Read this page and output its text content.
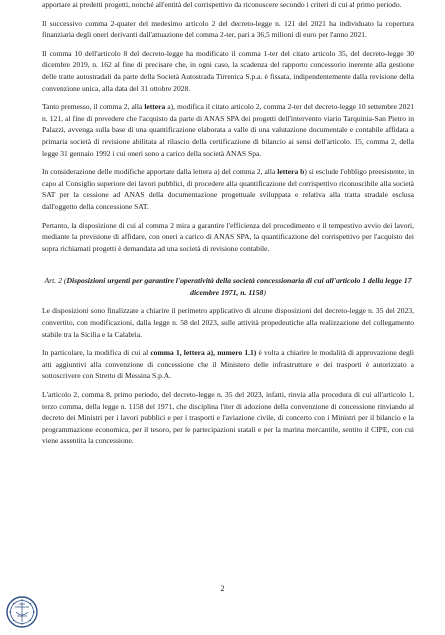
apportare ai predetti progetti, nonché all'entità del corrispettivo da riconoscere secondo i criteri di cui al primo periodo.

Il successivo comma 2-quater del medesimo articolo 2 del decreto-legge n. 121 del 2021 ha individuato la copertura finanziaria degli oneri derivanti dall'attuazione del comma 2-ter, pari a 36,5 milioni di euro per l'anno 2021.

Il comma 10 dell'articolo 8 del decreto-legge ha modificato il comma 1-ter del citato articolo 35, del decreto-legge 30 dicembre 2019, n. 162 al fine di precisare che, in ogni caso, la scadenza del rapporto concessorio inerente alla gestione delle tratte autostradali da parte della Società Autostrada Tirrenica S.p.a. è fissata, indipendentemente dalla revisione della convenzione unica, alla data del 31 ottobre 2028.

Tanto premesso, il comma 2, alla lettera a), modifica il citato articolo 2, comma 2-ter del decreto-legge 10 settembre 2021 n. 121, al fine di prevedere che l'acquisto da parte di ANAS SPA dei progetti dell'intervento viario Tarquinia-San Pietro in Palazzi, avvenga sulla base di una quantificazione elaborata a valle di una valutazione documentale e contabile affidata a primaria società di revisione abilitata al rilascio della certificazione di bilancio ai sensi dell'articolo. 15, comma 2, della legge 31 gennaio 1992 i cui oneri sono a carico della società ANAS Spa.

In considerazione delle modifiche apportate dalla lettera a) del comma 2, alla lettera b) si esclude l'obbligo preesistente, in capo al Consiglio superiore dei lavori pubblici, di procedere alla quantificazione del corrispettivo riconoscibile alla società SAT per la cessione ad ANAS della documentazione progettuale sviluppata e relativa alla tratta stradale esclusa dall'oggetto della concessione SAT.

Pertanto, la disposizione di cui al comma 2 mira a garantire l'efficienza del procedimento e il tempestivo avvio dei lavori, mediante la previsione di affidare, con oneri a carico di ANAS SPA, la quantificazione del corrispettivo per l'acquisto dei sopra richiamati progetti è demandata ad una società di revisione contabile.

Art. 2 (Disposizioni urgenti per garantire l'operatività della società concessionaria di cui all'articolo 1 della legge 17 dicembre 1971, n. 1158)

Le disposizioni sono finalizzate a chiarire il perimetro applicativo di alcune disposizioni del decreto-legge n. 35 del 2023, convertito, con modificazioni, dalla legge n. 58 del 2023, sulle attività propedeutiche alla realizzazione del collegamento stabile tra la Sicilia e la Calabria.

In particolare, la modifica di cui al comma 1, lettera a), numero 1.1) è volta a chiarire le modalità di approvazione degli atti aggiuntivi alla convenzione di concessione che il Ministero delle infrastrutture e dei trasporti è autorizzato a sottoscrivere con Stretto di Messina S.p.A.

L'articolo 2, comma 8, primo periodo, del decreto-legge n. 35 del 2023, infatti, rinvia alla procedura di cui all'articolo 1, terzo comma, della legge n. 1158 del 1971, che disciplina l'iter di adozione della convenzione di concessione rinviando al decreto dei Ministri per i lavori pubblici e per i trasporti e l'aviazione civile, di concerto con i Ministri per il bilancio e la programmazione economica, per il tesoro, per le partecipazioni statali e per la marina mercantile, sentito il CIPE, con cui viene assentita la concessione.

2
